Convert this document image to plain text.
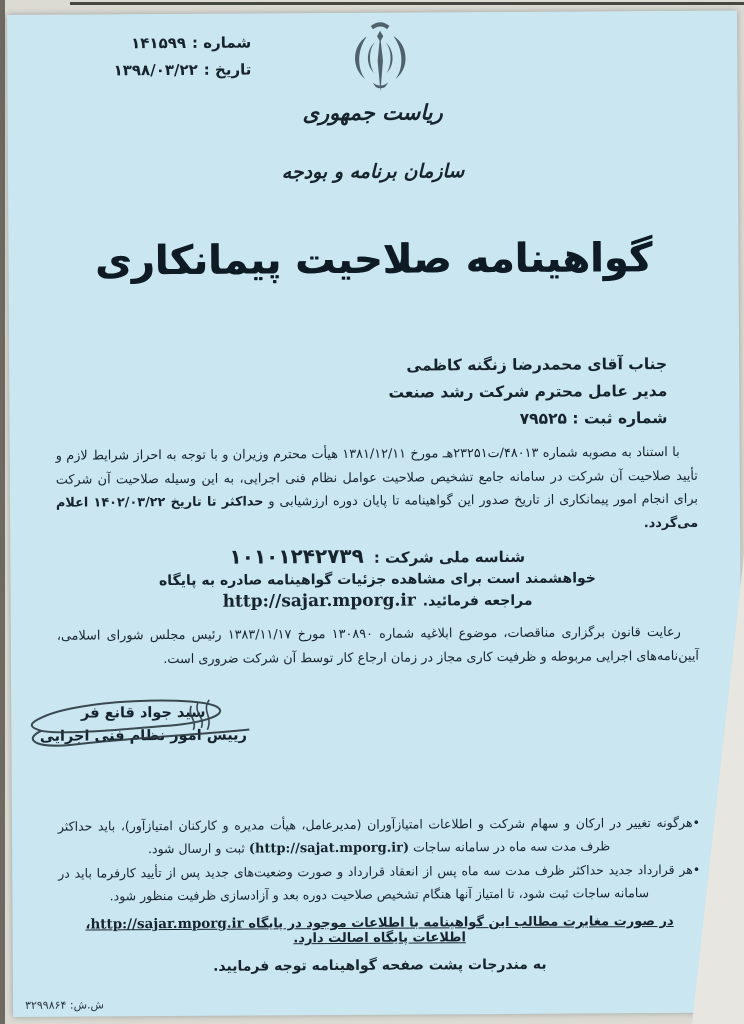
شماره :۱۴۱۵۹۹
تاریخ :۱۳۹۸/۰۳/۲۲
ریاست جمهوری
سازمان برنامه و بودجه
گواهینامه صلاحیت پیمانکاری
جناب آقای محمدرضا زنگنه کاظمی
مدیر عامل محترم شرکت رشد صنعت
شماره ثبت : ۷۹۵۲۵
با استناد به مصوبه شماره ۴۸۰۱۳/ت۲۳۲۵۱هـ مورخ ۱۳۸۱/۱۲/۱۱ هیأت محترم وزیران و با توجه به احراز شرایط لازم و تأیید صلاحیت آن شرکت در سامانه جامع تشخیص صلاحیت عوامل نظام فنی اجرایی، به این وسیله صلاحیت آن شرکت برای انجام امور پیمانکاری از تاریخ صدور این گواهینامه تا پایان دوره ارزشیابی و حداکثر تا تاریخ ۱۴۰۲/۰۳/۲۲ اعلام می‌گردد.
شناسه ملی شرکت :۱۰۱۰۱۲۴۲۷۳۹
خواهشمند است برای مشاهده جزئیات گواهینامه صادره به پایگاه
http://sajar.mporg.ir مراجعه فرمائید.
رعایت قانون برگزاری مناقصات، موضوع ابلاغیه شماره ۱۳۰۸۹۰ مورخ ۱۳۸۳/۱۱/۱۷ رئیس مجلس شورای اسلامی، آیین‌نامه‌های اجرایی مربوطه و ظرفیت کاری مجاز در زمان ارجاع کار توسط آن شرکت ضروری است.
سید جواد قانع فر
رییس امور نظام فنی اجرایی
•هرگونه تغییر در ارکان و سهام شرکت و اطلاعات امتیازآوران (مدیرعامل، هیأت مدیره و کارکنان امتیازآور)، باید حداکثر ظرف مدت سه ماه در سامانه ساجات (http://sajat.mporg.ir) ثبت و ارسال شود.
•هر قرارداد جدید حداکثر ظرف مدت سه ماه پس از انعقاد قرارداد و صورت وضعیت‌های جدید پس از تأیید کارفرما باید در سامانه ساجات ثبت شود، تا امتیاز آنها هنگام تشخیص صلاحیت دوره بعد و آزادسازی ظرفیت منظور شود.
در صورت مغایرت مطالب این گواهینامه با اطلاعات موجود در پایگاه http://sajar.mporg.ir، اطلاعات پایگاه اصالت دارد.
به مندرجات پشت صفحه گواهینامه توجه فرمایید.
ش.ش: ۳۲۹۹۸۶۴
